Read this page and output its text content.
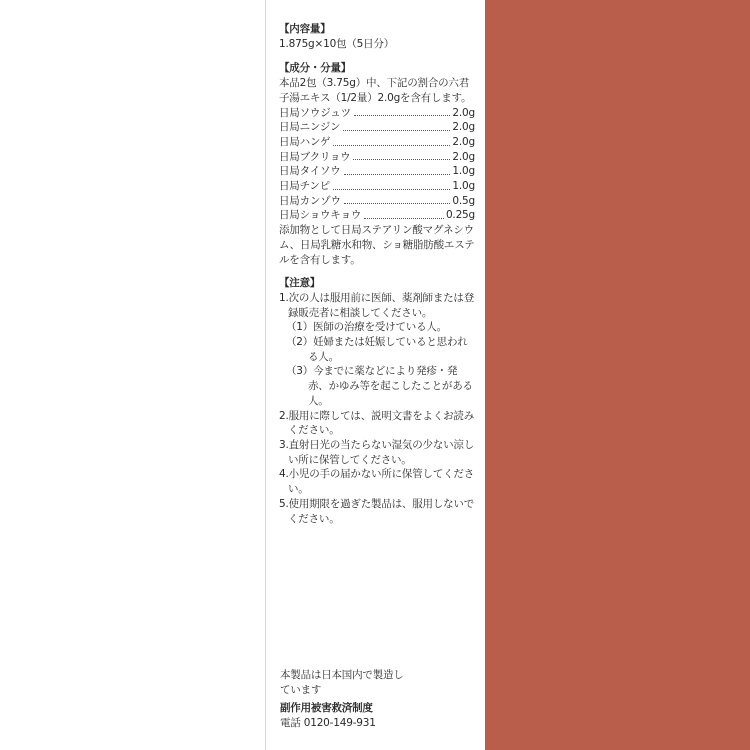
【内容量】
1.875g×10包（5日分）
【成分・分量】
本品2包（3.75g）中、下記の割合の六君子湯エキス（1/2量）2.0gを含有します。
日局ソウジュツ	2.0g
日局ニンジン	2.0g
日局ハンゲ	2.0g
日局ブクリョウ	2.0g
日局タイソウ	1.0g
日局チンピ	1.0g
日局カンゾウ	0.5g
日局ショウキョウ	0.25g
添加物として日局ステアリン酸マグネシウム、日局乳糖水和物、ショ糖脂肪酸エステルを含有します。
【注意】
1.次の人は服用前に医師、薬剤師または登録販売者に相談してください。
（1）医師の治療を受けている人。
（2）妊婦または妊娠していると思われる人。
（3）今までに薬などにより発疹・発赤、かゆみ等を起こしたことがある人。
2.服用に際しては、説明文書をよくお読みください。
3.直射日光の当たらない湿気の少ない涼しい所に保管してください。
4.小児の手の届かない所に保管してください。
5.使用期限を過ぎた製品は、服用しないでください。
本製品は日本国内で製造しています
副作用被害救済制度
電話 0120-149-931
